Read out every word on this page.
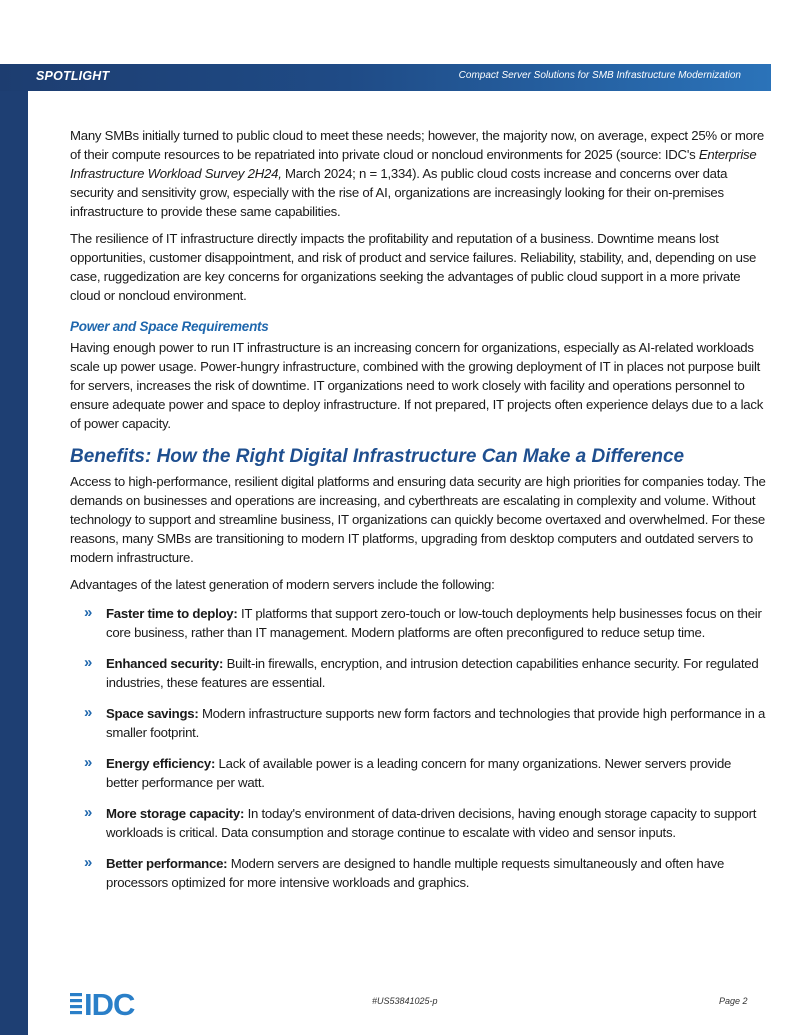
SPOTLIGHT	Compact Server Solutions for SMB Infrastructure Modernization

Many SMBs initially turned to public cloud to meet these needs; however, the majority now, on average, expect 25% or more of their compute resources to be repatriated into private cloud or noncloud environments for 2025 (source: IDC's Enterprise Infrastructure Workload Survey 2H24, March 2024; n = 1,334). As public cloud costs increase and concerns over data security and sensitivity grow, especially with the rise of AI, organizations are increasingly looking for their on-premises infrastructure to provide these same capabilities.

The resilience of IT infrastructure directly impacts the profitability and reputation of a business. Downtime means lost opportunities, customer disappointment, and risk of product and service failures. Reliability, stability, and, depending on use case, ruggedization are key concerns for organizations seeking the advantages of public cloud support in a more private cloud or noncloud environment.

Power and Space Requirements

Having enough power to run IT infrastructure is an increasing concern for organizations, especially as AI-related workloads scale up power usage. Power-hungry infrastructure, combined with the growing deployment of IT in places not purpose built for servers, increases the risk of downtime. IT organizations need to work closely with facility and operations personnel to ensure adequate power and space to deploy infrastructure. If not prepared, IT projects often experience delays due to a lack of power capacity.

Benefits: How the Right Digital Infrastructure Can Make a Difference

Access to high-performance, resilient digital platforms and ensuring data security are high priorities for companies today. The demands on businesses and operations are increasing, and cyberthreats are escalating in complexity and volume. Without technology to support and streamline business, IT organizations can quickly become overtaxed and overwhelmed. For these reasons, many SMBs are transitioning to modern IT platforms, upgrading from desktop computers and outdated servers to modern infrastructure.

Advantages of the latest generation of modern servers include the following:

» Faster time to deploy: IT platforms that support zero-touch or low-touch deployments help businesses focus on their core business, rather than IT management. Modern platforms are often preconfigured to reduce setup time.
» Enhanced security: Built-in firewalls, encryption, and intrusion detection capabilities enhance security. For regulated industries, these features are essential.
» Space savings: Modern infrastructure supports new form factors and technologies that provide high performance in a smaller footprint.
» Energy efficiency: Lack of available power is a leading concern for many organizations. Newer servers provide better performance per watt.
» More storage capacity: In today's environment of data-driven decisions, having enough storage capacity to support workloads is critical. Data consumption and storage continue to escalate with video and sensor inputs.
» Better performance: Modern servers are designed to handle multiple requests simultaneously and often have processors optimized for more intensive workloads and graphics.
IDC	#US53841025-p	Page 2
